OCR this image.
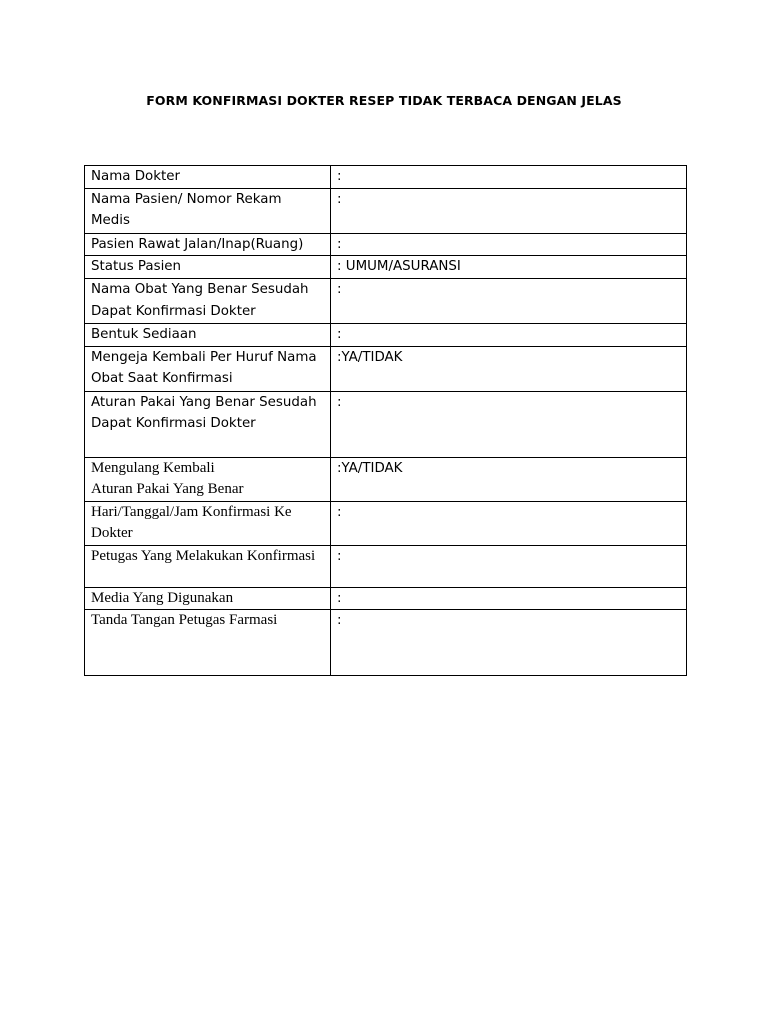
FORM KONFIRMASI DOKTER RESEP TIDAK TERBACA DENGAN JELAS
Nama Dokter	:
Nama Pasien/ Nomor Rekam Medis	:
Pasien Rawat Jalan/Inap(Ruang)	:
Status Pasien	: UMUM/ASURANSI
Nama Obat Yang Benar Sesudah Dapat Konfirmasi Dokter	:
Bentuk Sediaan	:
Mengeja Kembali Per Huruf Nama Obat Saat Konfirmasi	:YA/TIDAK
Aturan Pakai Yang Benar Sesudah Dapat Konfirmasi Dokter	:

Mengulang Kembali
Aturan Pakai Yang Benar	:YA/TIDAK
Hari/Tanggal/Jam Konfirmasi Ke Dokter	:
Petugas Yang Melakukan Konfirmasi	:
Media Yang Digunakan	:
Tanda Tangan Petugas Farmasi	:
